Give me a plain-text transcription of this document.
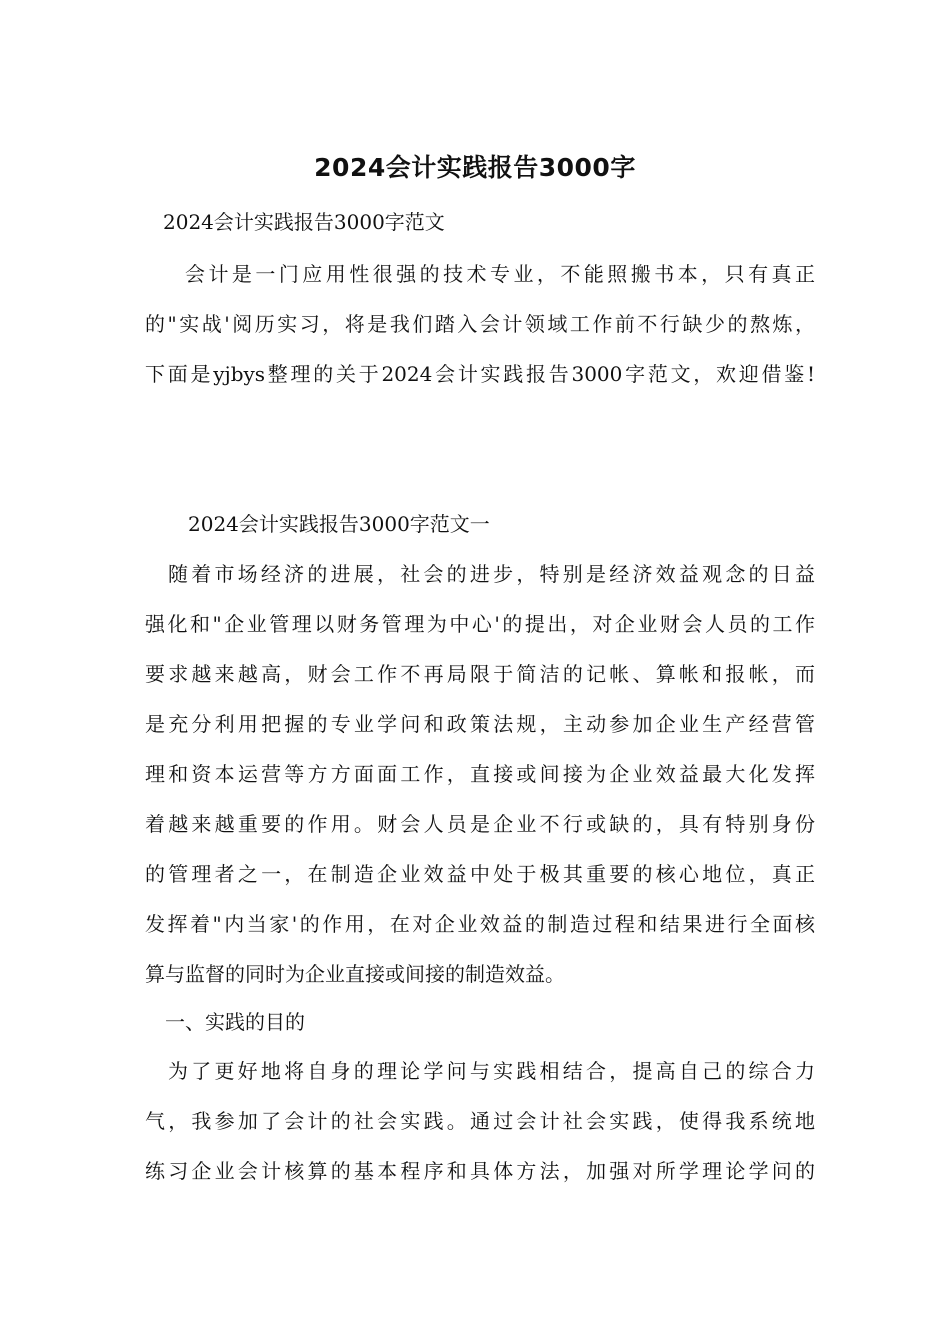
2024会计实践报告3000字
2024会计实践报告3000字范文
会计是一门应用性很强的技术专业，不能照搬书本，只有真正
的"实战'阅历实习，将是我们踏入会计领域工作前不行缺少的熬炼，
下面是yjbys整理的关于2024会计实践报告3000字范文，欢迎借鉴!
2024会计实践报告3000字范文一
随着市场经济的进展，社会的进步，特别是经济效益观念的日益
强化和"企业管理以财务管理为中心'的提出，对企业财会人员的工作
要求越来越高，财会工作不再局限于简洁的记帐、算帐和报帐，而
是充分利用把握的专业学问和政策法规，主动参加企业生产经营管
理和资本运营等方方面面工作，直接或间接为企业效益最大化发挥
着越来越重要的作用。财会人员是企业不行或缺的，具有特别身份
的管理者之一，在制造企业效益中处于极其重要的核心地位，真正
发挥着"内当家'的作用，在对企业效益的制造过程和结果进行全面核
算与监督的同时为企业直接或间接的制造效益。
一、实践的目的
为了更好地将自身的理论学问与实践相结合，提高自己的综合力
气，我参加了会计的社会实践。通过会计社会实践，使得我系统地
练习企业会计核算的基本程序和具体方法，加强对所学理论学问的
